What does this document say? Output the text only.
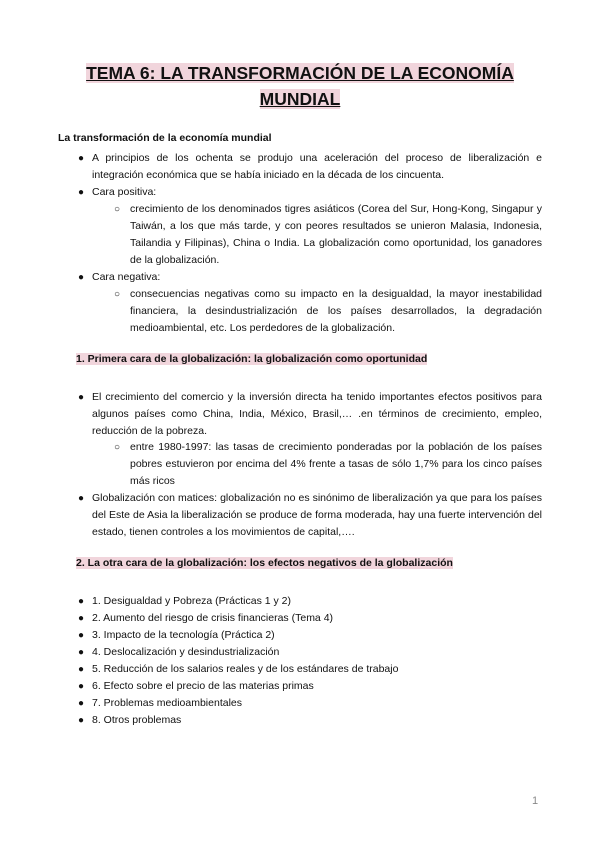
TEMA 6: LA TRANSFORMACIÓN DE LA ECONOMÍA
MUNDIAL
La transformación de la economía mundial
● A principios de los ochenta se produjo una aceleración del proceso de liberalización e integración económica que se había iniciado en la década de los cincuenta.
● Cara positiva:
○ crecimiento de los denominados tigres asiáticos (Corea del Sur, Hong-Kong, Singapur y Taiwán, a los que más tarde, y con peores resultados se unieron Malasia, Indonesia, Tailandia y Filipinas), China o India. La globalización como oportunidad, los ganadores de la globalización.
● Cara negativa:
○ consecuencias negativas como su impacto en la desigualdad, la mayor inestabilidad financiera, la desindustrialización de los países desarrollados, la degradación medioambiental, etc. Los perdedores de la globalización.
1. Primera cara de la globalización: la globalización como oportunidad
● El crecimiento del comercio y la inversión directa ha tenido importantes efectos positivos para algunos países como China, India, México, Brasil,… .en términos de crecimiento, empleo, reducción de la pobreza.
○ entre 1980-1997: las tasas de crecimiento ponderadas por la población de los países pobres estuvieron por encima del 4% frente a tasas de sólo 1,7% para los cinco países más ricos
● Globalización con matices: globalización no es sinónimo de liberalización ya que para los países del Este de Asia la liberalización se produce de forma moderada, hay una fuerte intervención del estado, tienen controles a los movimientos de capital,….
2. La otra cara de la globalización: los efectos negativos de la globalización
● 1. Desigualdad y Pobreza (Prácticas 1 y 2)
● 2. Aumento del riesgo de crisis financieras (Tema 4)
● 3. Impacto de la tecnología (Práctica 2)
● 4. Deslocalización y desindustrialización
● 5. Reducción de los salarios reales y de los estándares de trabajo
● 6. Efecto sobre el precio de las materias primas
● 7. Problemas medioambientales
● 8. Otros problemas
1
